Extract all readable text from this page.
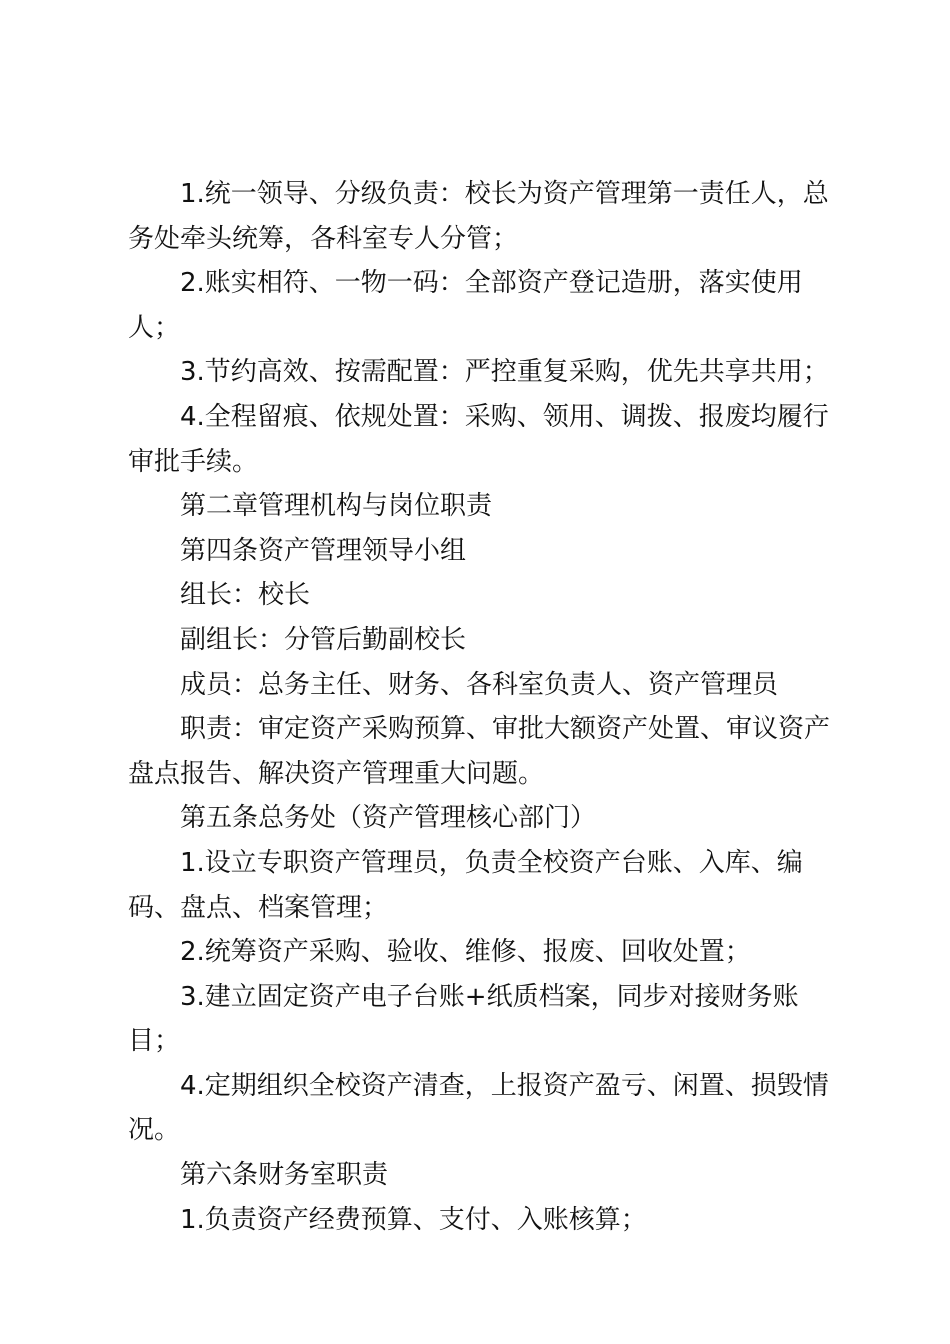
1.统一领导、分级负责：校长为资产管理第一责任人，总务处牵头统筹，各科室专人分管；

2.账实相符、一物一码：全部资产登记造册，落实使用人；

3.节约高效、按需配置：严控重复采购，优先共享共用；

4.全程留痕、依规处置：采购、领用、调拨、报废均履行审批手续。

第二章管理机构与岗位职责

第四条资产管理领导小组

组长：校长

副组长：分管后勤副校长

成员：总务主任、财务、各科室负责人、资产管理员

职责：审定资产采购预算、审批大额资产处置、审议资产盘点报告、解决资产管理重大问题。

第五条总务处（资产管理核心部门）

1.设立专职资产管理员，负责全校资产台账、入库、编码、盘点、档案管理；

2.统筹资产采购、验收、维修、报废、回收处置；

3.建立固定资产电子台账+纸质档案，同步对接财务账目；

4.定期组织全校资产清查，上报资产盈亏、闲置、损毁情况。

第六条财务室职责

1.负责资产经费预算、支付、入账核算；
